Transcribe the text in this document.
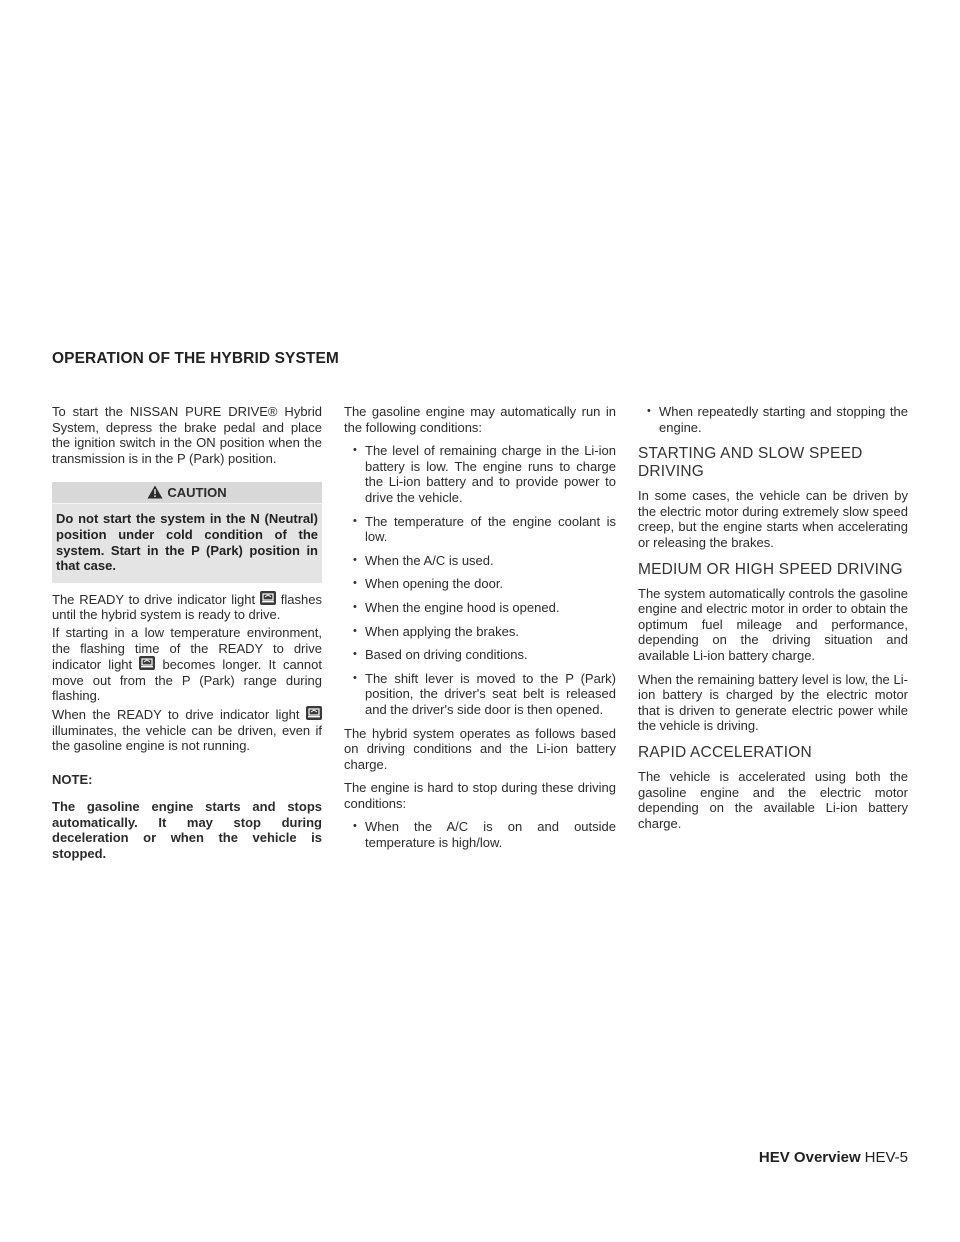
OPERATION OF THE HYBRID SYSTEM

To start the NISSAN PURE DRIVE® Hybrid System, depress the brake pedal and place the ignition switch in the ON position when the transmission is in the P (Park) position.

CAUTION
Do not start the system in the N (Neutral) position under cold condition of the system. Start in the P (Park) position in that case.

The READY to drive indicator light flashes until the hybrid system is ready to drive.

If starting in a low temperature environment, the flashing time of the READY to drive indicator light becomes longer. It cannot move out from the P (Park) range during flashing.

When the READY to drive indicator light
illuminates, the vehicle can be driven, even if the gasoline engine is not running.

NOTE:

The gasoline engine starts and stops automatically. It may stop during deceleration or when the vehicle is stopped.

The gasoline engine may automatically run in the following conditions:

• The level of remaining charge in the Li-ion battery is low. The engine runs to charge the Li-ion battery and to provide power to drive the vehicle.
• The temperature of the engine coolant is low.
• When the A/C is used.
• When opening the door.
• When the engine hood is opened.
• When applying the brakes.
• Based on driving conditions.
• The shift lever is moved to the P (Park) position, the driver's seat belt is released and the driver's side door is then opened.

The hybrid system operates as follows based on driving conditions and the Li-ion battery charge.

The engine is hard to stop during these driving conditions:

• When the A/C is on and outside temperature is high/low.
• When repeatedly starting and stopping the engine.
STARTING AND SLOW SPEED DRIVING

In some cases, the vehicle can be driven by the electric motor during extremely slow speed creep, but the engine starts when accelerating or releasing the brakes.

MEDIUM OR HIGH SPEED DRIVING

The system automatically controls the gasoline engine and electric motor in order to obtain the optimum fuel mileage and performance, depending on the driving situation and available Li-ion battery charge.

When the remaining battery level is low, the Li-ion battery is charged by the electric motor that is driven to generate electric power while the vehicle is driving.

RAPID ACCELERATION

The vehicle is accelerated using both the gasoline engine and the electric motor depending on the available Li-ion battery charge.

HEV Overview HEV-5
